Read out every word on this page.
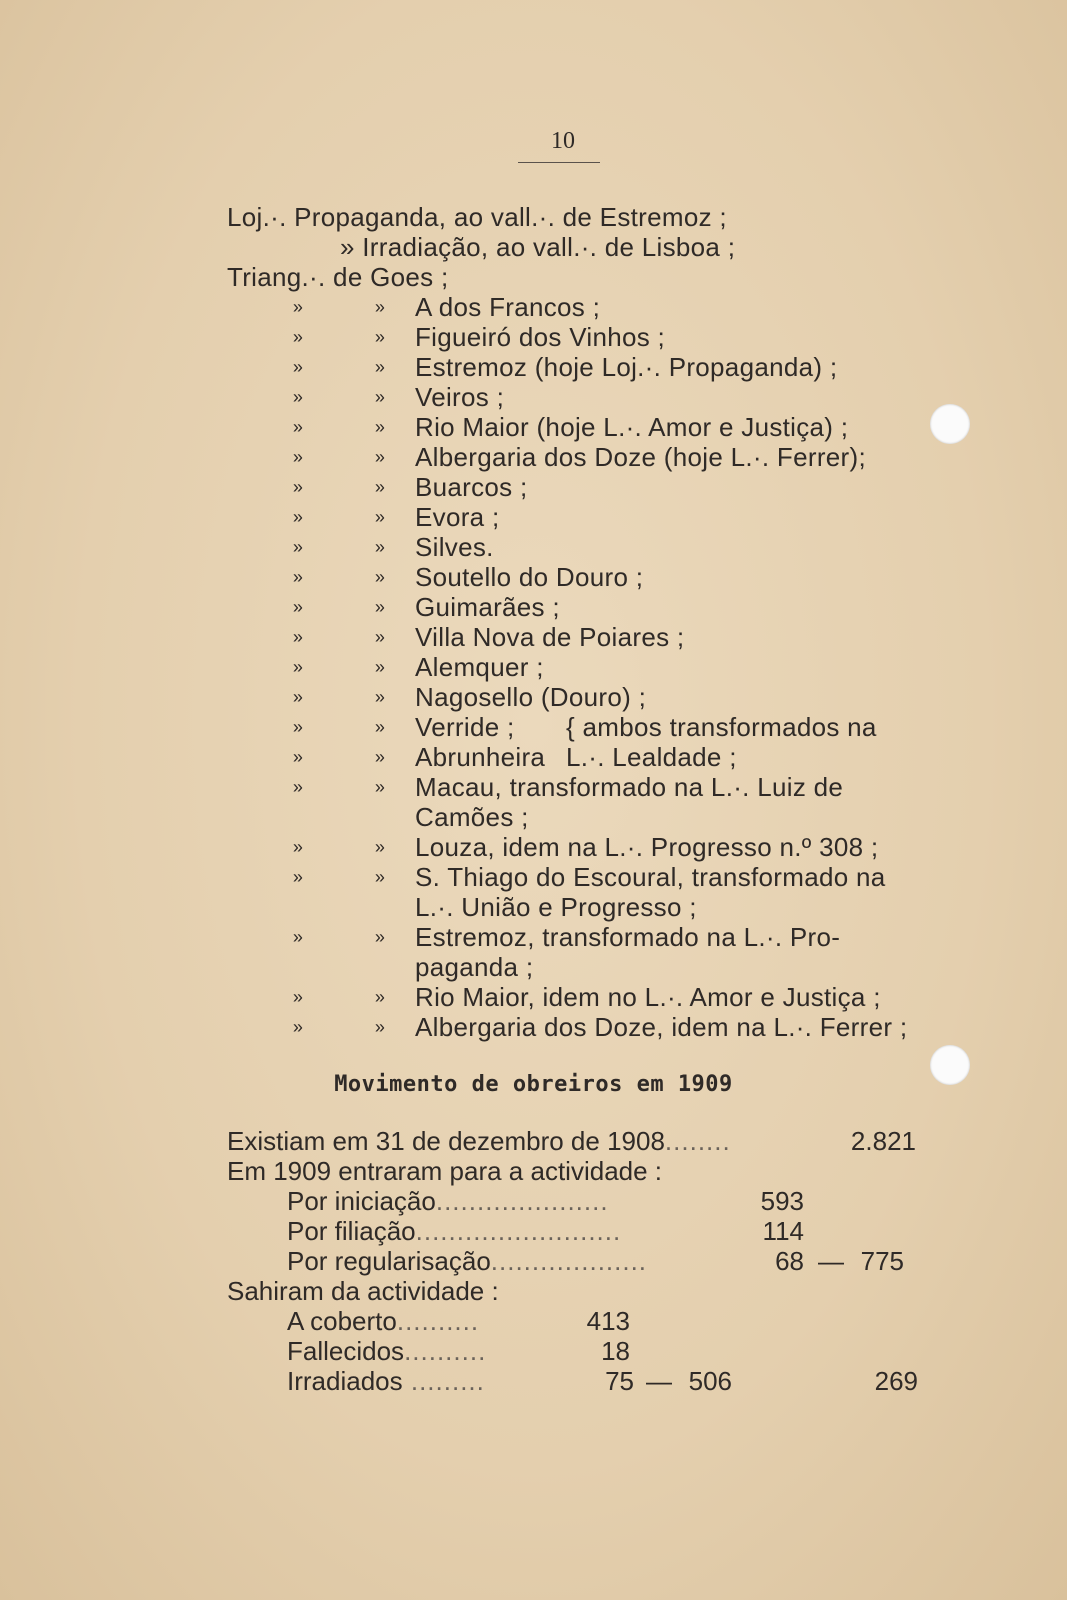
10
Loj.·. Propaganda, ao vall.·. de Estremoz ;
» Irradiação, ao vall.·. de Lisboa ;
Triang.·. de Goes ;
»	» A dos Francos ;
»	» Figueiró dos Vinhos ;
»	» Estremoz (hoje Loj.·. Propaganda) ;
»	» Veiros ;
»	» Rio Maior (hoje L.·. Amor e Justiça) ;
»	» Albergaria dos Doze (hoje L.·. Ferrer);
»	» Buarcos ;
»	» Evora ;
»	» Silves.
»	» Soutello do Douro ;
»	» Guimarães ;
»	» Villa Nova de Poiares ;
»	» Alemquer ;
»	» Nagosello (Douro) ;
»	» Verride ; { ambos transformados na
»	» Abrunheira L.·. Lealdade ;
»	» Macau, transformado na L.·. Luiz de
Camões ;
»	» Louza, idem na L.·. Progresso n.º 308 ;
»	» S. Thiago do Escoural, transformado na
L.·. União e Progresso ;
»	» Estremoz, transformado na L.·. Pro-
paganda ;
»	» Rio Maior, idem no L.·. Amor e Justiça ;
»	» Albergaria dos Doze, idem na L.·. Ferrer ;
Movimento de obreiros em 1909
Existiam em 31 de dezembro de 1908........	2.821
Em 1909 entraram para a actividade :
Por iniciação.....................	593
Por filiação.........................	114
Por regularisação...................	68 — 775
Sahiram da actividade :
A coberto..........	413
Fallecidos..........	18
Irradiados .........	75 — 506	269
